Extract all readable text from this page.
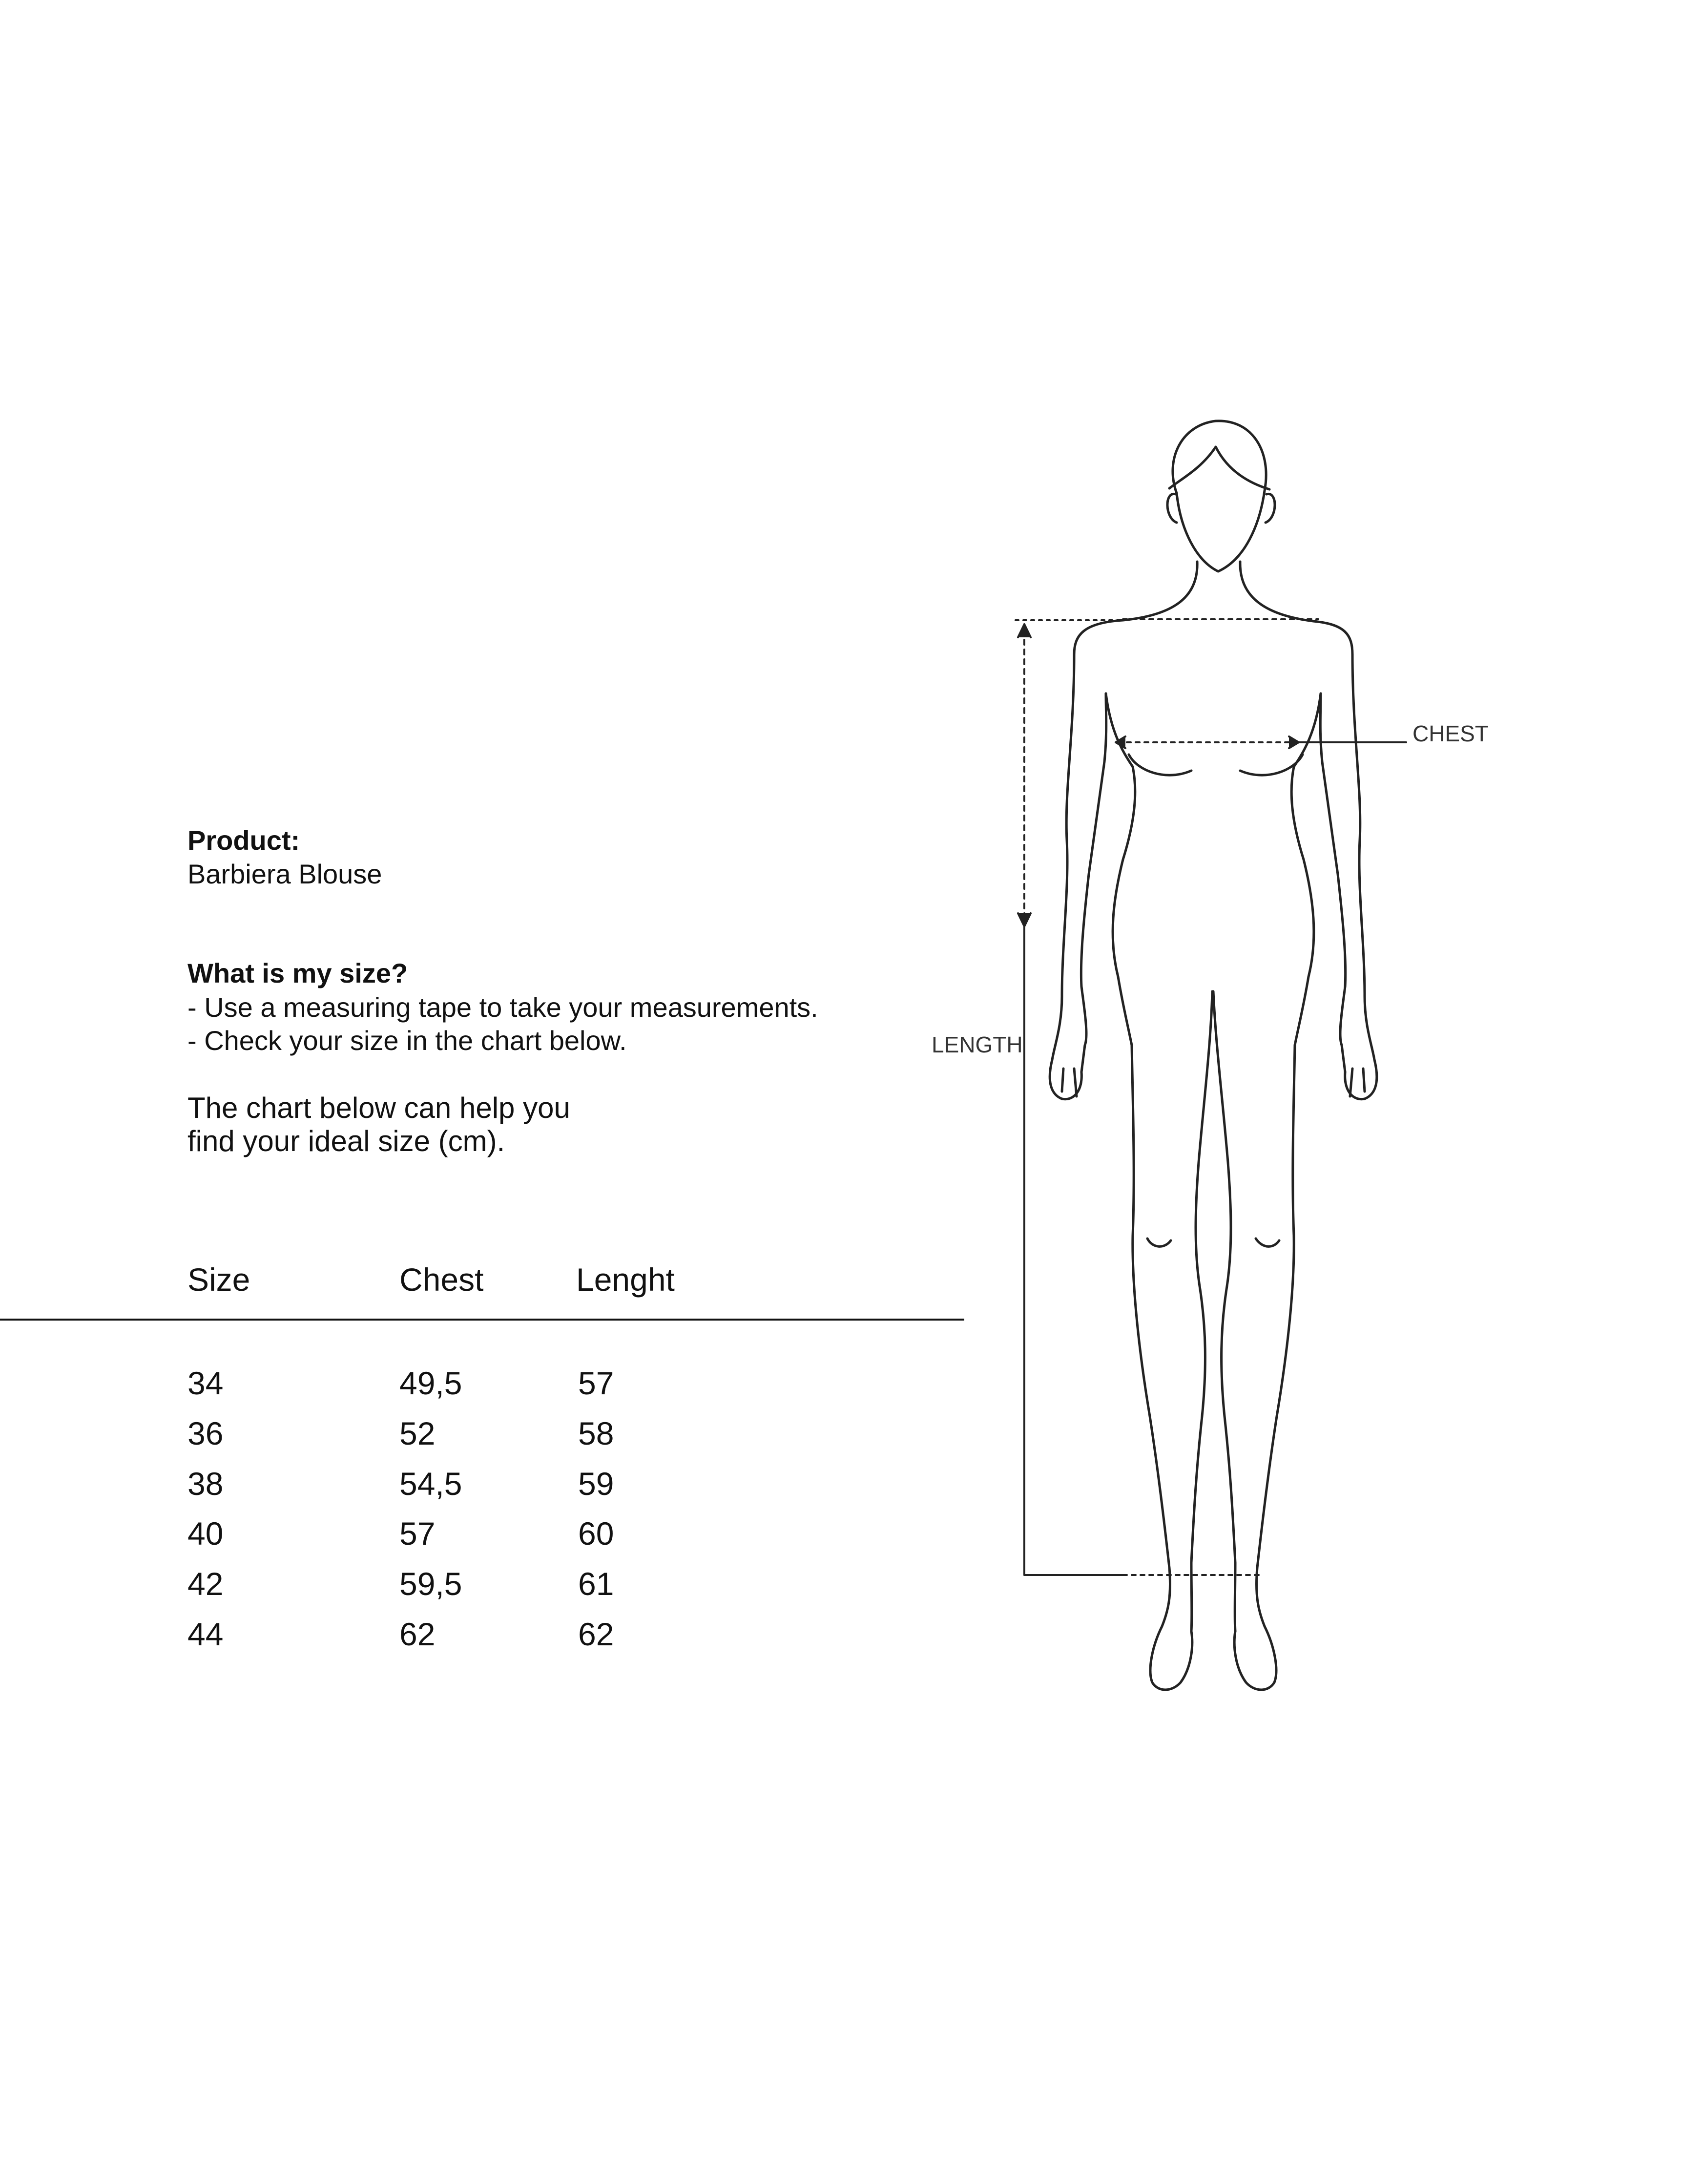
Product:
Barbiera Blouse
What is my size?
- Use a measuring tape to take your measurements.
- Check your size in the chart below.
The chart below can help you
find your ideal size (cm).
Size	Chest	Lenght
34	49,5	57
36	52	58
38	54,5	59
40	57	60
42	59,5	61
44	62	62
CHEST
LENGTH
